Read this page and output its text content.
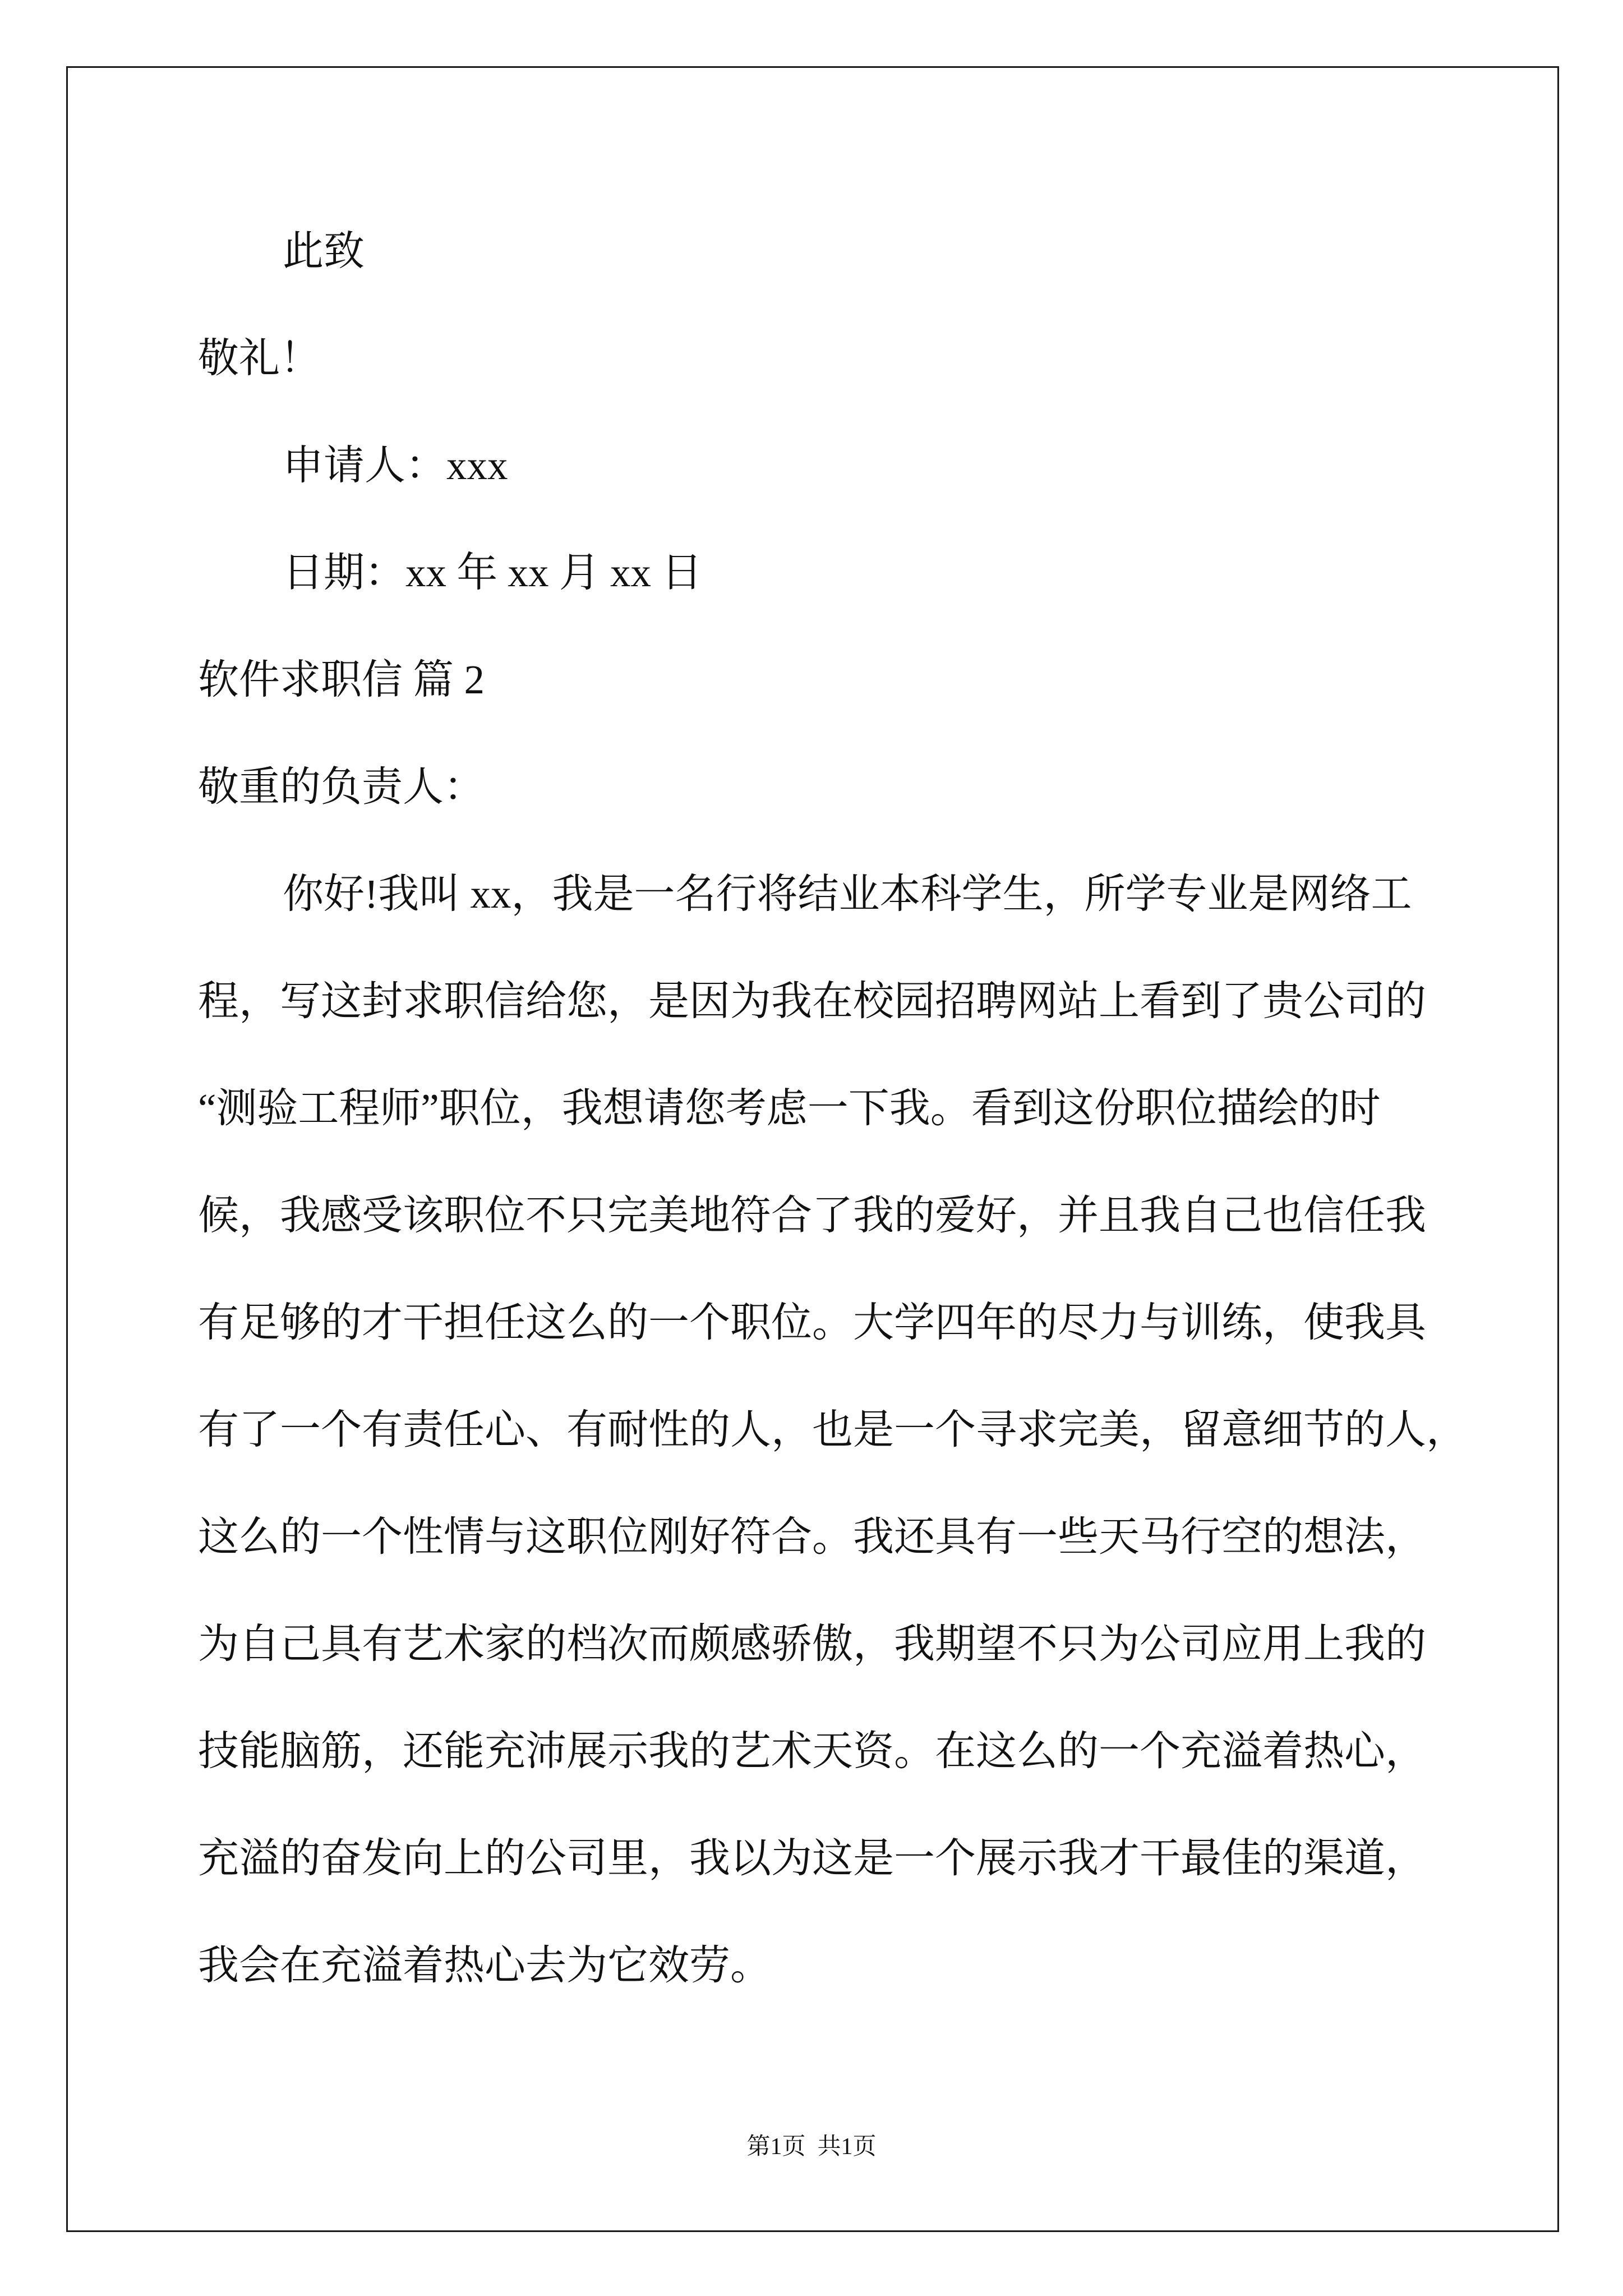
此致
敬礼！
申请人：xxx
日期：xx 年 xx 月 xx 日
软件求职信 篇 2
敬重的负责人：
你好!我叫 xx，我是一名行将结业本科学生，所学专业是网络工
程，写这封求职信给您，是因为我在校园招聘网站上看到了贵公司的
“测验工程师”职位，我想请您考虑一下我。看到这份职位描绘的时
候，我感受该职位不只完美地符合了我的爱好，并且我自己也信任我
有足够的才干担任这么的一个职位。大学四年的尽力与训练，使我具
有了一个有责任心、有耐性的人，也是一个寻求完美，留意细节的人，
这么的一个性情与这职位刚好符合。我还具有一些天马行空的想法，
为自己具有艺术家的档次而颇感骄傲，我期望不只为公司应用上我的
技能脑筋，还能充沛展示我的艺术天资。在这么的一个充溢着热心，
充溢的奋发向上的公司里，我以为这是一个展示我才干最佳的渠道，
我会在充溢着热心去为它效劳。
第1页  共1页
